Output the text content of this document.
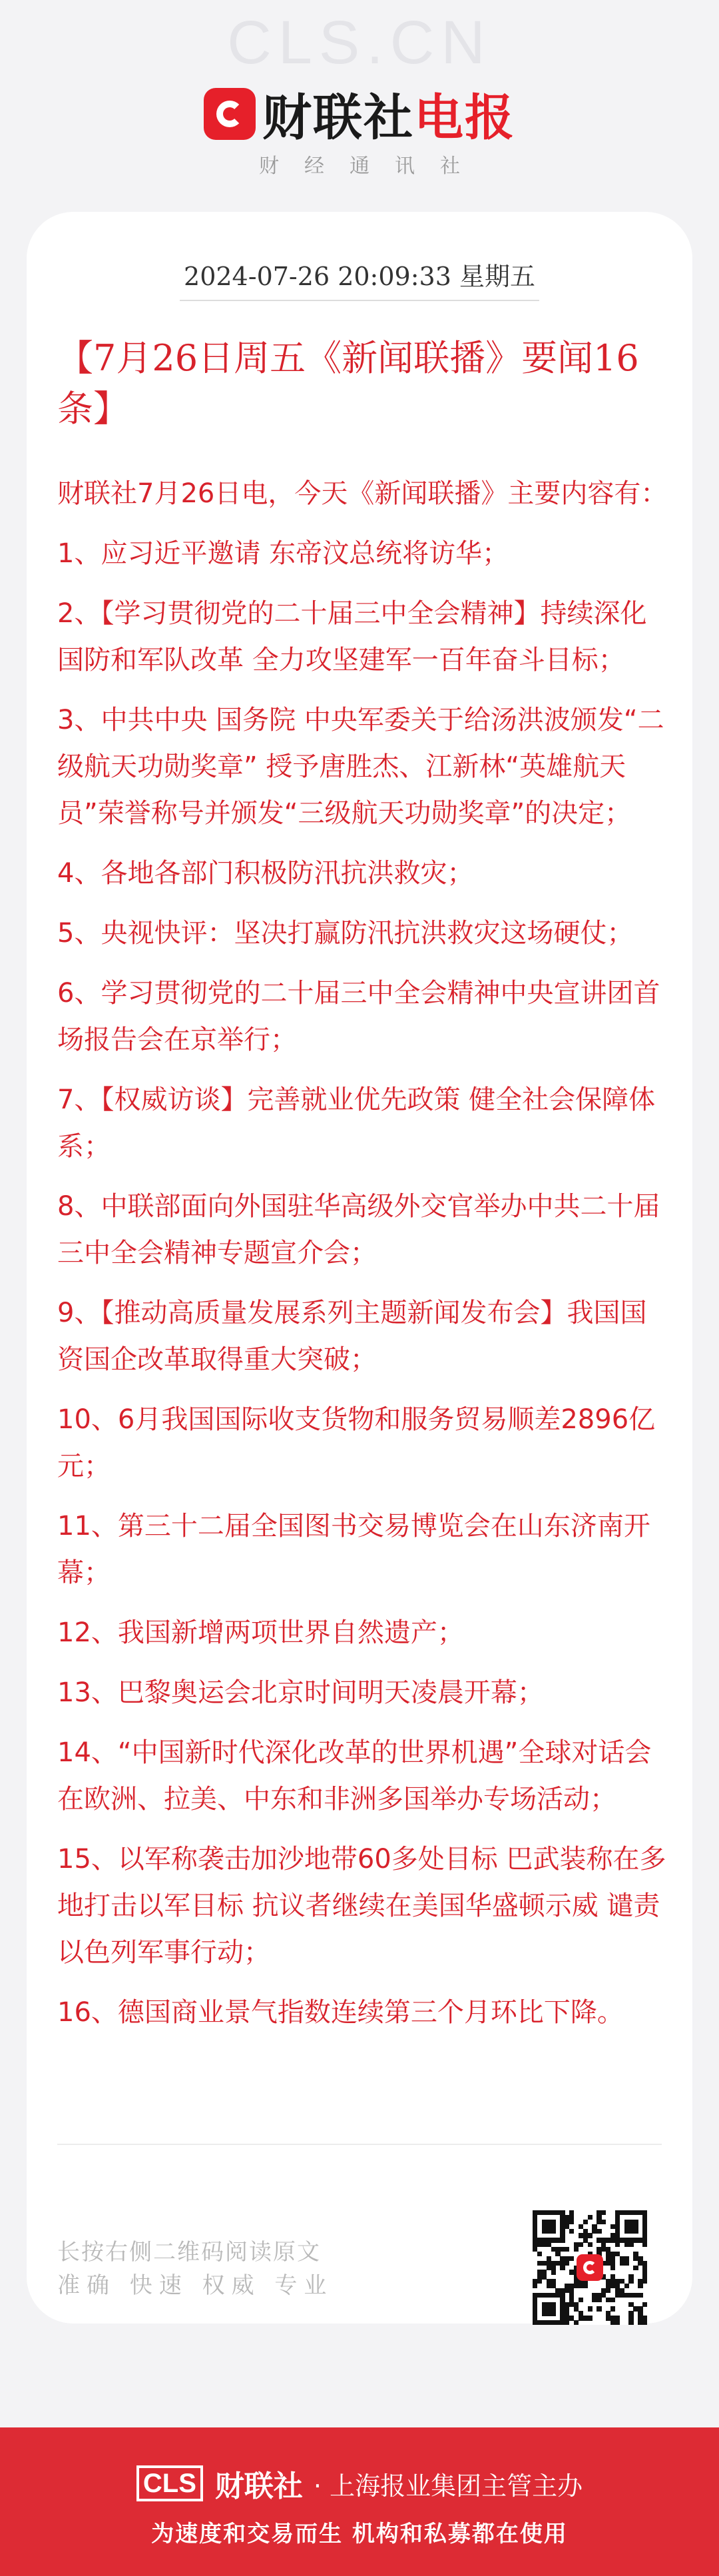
CLS.CN
财联社 电报
财经通讯社
2024-07-26 20:09:33 星期五
【7月26日周五《新闻联播》要闻16条】
财联社7月26日电，今天《新闻联播》主要内容有：
1、应习近平邀请 东帝汶总统将访华；
2、【学习贯彻党的二十届三中全会精神】持续深化国防和军队改革 全力攻坚建军一百年奋斗目标；
3、中共中央 国务院 中央军委关于给汤洪波颁发“二级航天功勋奖章” 授予唐胜杰、江新林“英雄航天员”荣誉称号并颁发“三级航天功勋奖章”的决定；
4、各地各部门积极防汛抗洪救灾；
5、央视快评：坚决打赢防汛抗洪救灾这场硬仗；
6、学习贯彻党的二十届三中全会精神中央宣讲团首场报告会在京举行；
7、【权威访谈】完善就业优先政策 健全社会保障体系；
8、中联部面向外国驻华高级外交官举办中共二十届三中全会精神专题宣介会；
9、【推动高质量发展系列主题新闻发布会】我国国资国企改革取得重大突破；
10、6月我国国际收支货物和服务贸易顺差2896亿元；
11、第三十二届全国图书交易博览会在山东济南开幕；
12、我国新增两项世界自然遗产；
13、巴黎奥运会北京时间明天凌晨开幕；
14、“中国新时代深化改革的世界机遇”全球对话会在欧洲、拉美、中东和非洲多国举办专场活动；
15、以军称袭击加沙地带60多处目标 巴武装称在多地打击以军目标 抗议者继续在美国华盛顿示威 谴责以色列军事行动；
16、德国商业景气指数连续第三个月环比下降。
长按右侧二维码阅读原文
准确 快速 权威 专业
CLS 财联社 · 上海报业集团主管主办
为速度和交易而生 机构和私募都在使用
